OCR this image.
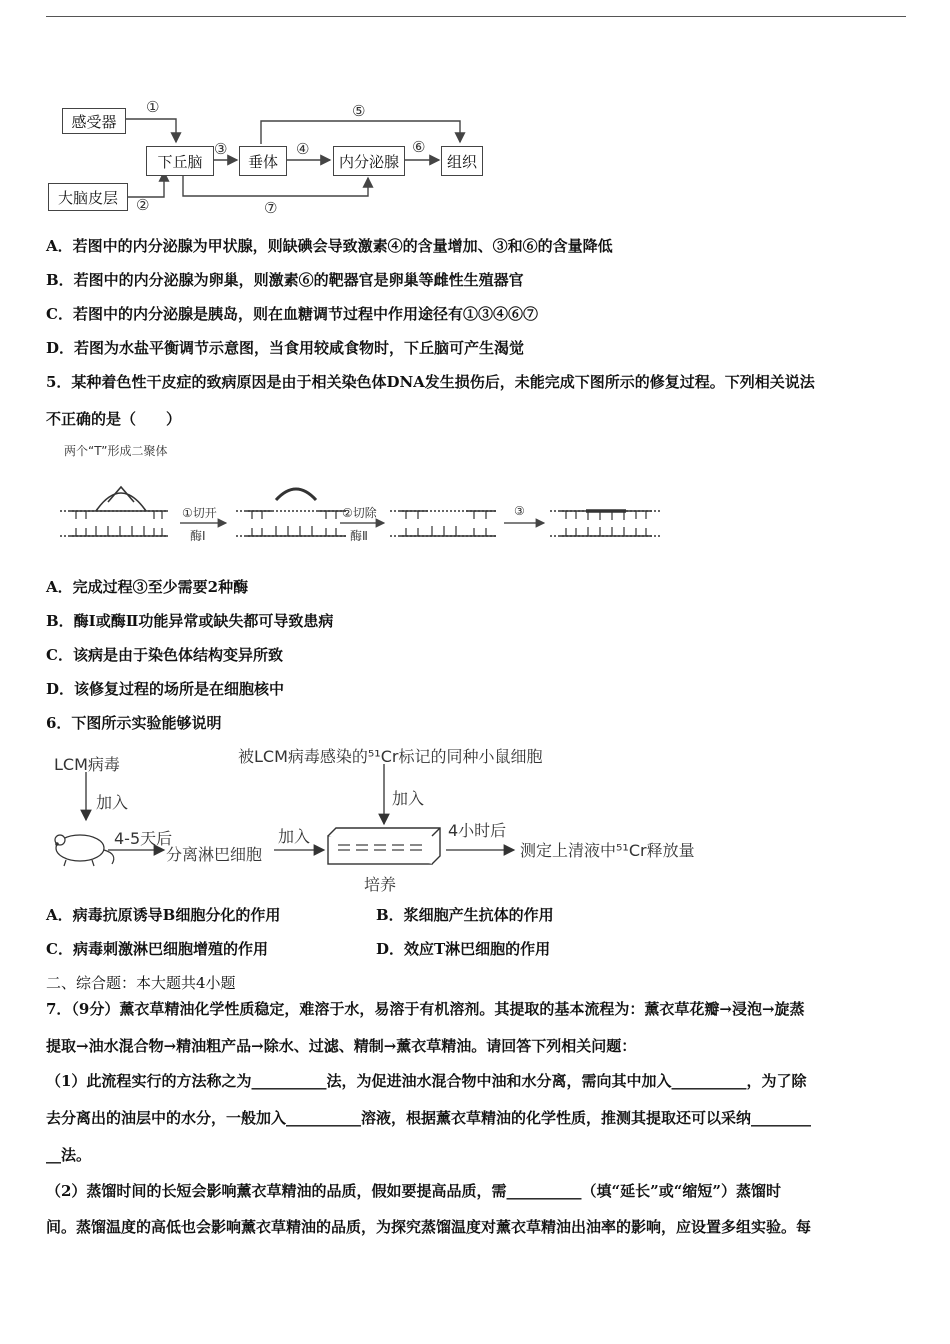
感受器
大脑皮层
下丘脑	垂体	内分泌腺	组织
①
②
③	④
⑤
⑥
⑦
A．若图中的内分泌腺为甲状腺，则缺碘会导致激素④的含量增加、③和⑥的含量降低
B．若图中的内分泌腺为卵巢，则激素⑥的靶器官是卵巢等雌性生殖器官
C．若图中的内分泌腺是胰岛，则在血糖调节过程中作用途径有①③④⑥⑦
D．若图为水盐平衡调节示意图，当食用较咸食物时，下丘脑可产生渴觉
5．某种着色性干皮症的致病原因是由于相关染色体DNA发生损伤后，未能完成下图所示的修复过程。下列相关说法
不正确的是（　　）
两个“T”形成二聚体
①切开
酶Ⅰ
②切除
酶Ⅱ
③
A．完成过程③至少需要2种酶
B．酶Ⅰ或酶Ⅱ功能异常或缺失都可导致患病
C．该病是由于染色体结构变异所致
D．该修复过程的场所是在细胞核中
6．下图所示实验能够说明
LCM病毒
加入
4-5天后
分离淋巴细胞
加入
被LCM病毒感染的⁵¹Cr标记的同种小鼠细胞
加入
4小时后
测定上清液中⁵¹Cr释放量
培养
A．病毒抗原诱导B细胞分化的作用	B．浆细胞产生抗体的作用
C．病毒刺激淋巴细胞增殖的作用	D．效应T淋巴细胞的作用
二、综合题：本大题共4小题
7．（9分）薰衣草精油化学性质稳定，难溶于水，易溶于有机溶剂。其提取的基本流程为：薰衣草花瓣→浸泡→旋蒸
提取→油水混合物→精油粗产品→除水、过滤、精制→薰衣草精油。请回答下列相关问题：
（1）此流程实行的方法称之为__________法，为促进油水混合物中油和水分离，需向其中加入__________，为了除
去分离出的油层中的水分，一般加入__________溶液，根据薰衣草精油的化学性质，推测其提取还可以采纳________
__法。
（2）蒸馏时间的长短会影响薰衣草精油的品质，假如要提高品质，需__________（填“延长”或“缩短”）蒸馏时
间。蒸馏温度的高低也会影响薰衣草精油的品质，为探究蒸馏温度对薰衣草精油出油率的影响，应设置多组实验。每
